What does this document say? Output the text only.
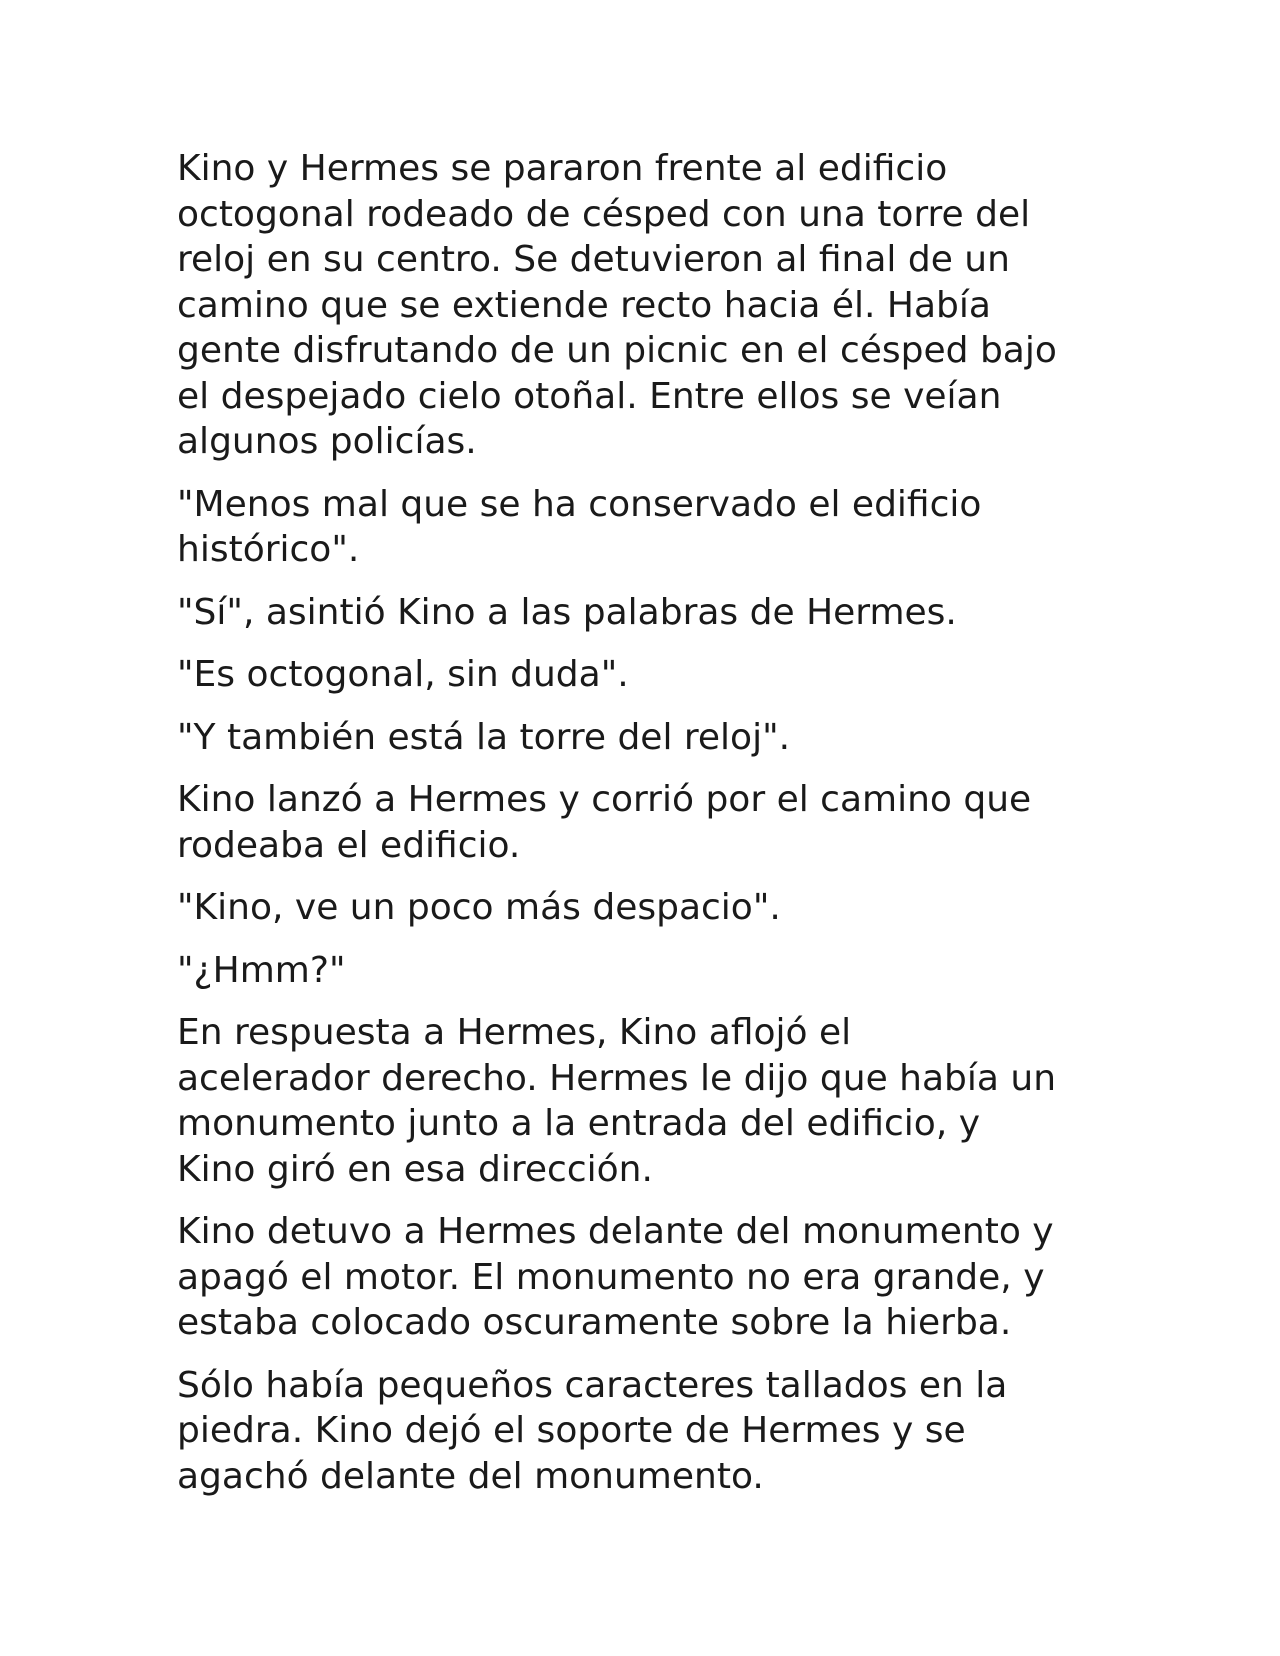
Kino y Hermes se pararon frente al edificio
octogonal rodeado de césped con una torre del
reloj en su centro. Se detuvieron al final de un
camino que se extiende recto hacia él. Había
gente disfrutando de un picnic en el césped bajo
el despejado cielo otoñal. Entre ellos se veían
algunos policías.

"Menos mal que se ha conservado el edificio
histórico".

"Sí", asintió Kino a las palabras de Hermes.

"Es octogonal, sin duda".

"Y también está la torre del reloj".

Kino lanzó a Hermes y corrió por el camino que
rodeaba el edificio.

"Kino, ve un poco más despacio".

"¿Hmm?"

En respuesta a Hermes, Kino aflojó el
acelerador derecho. Hermes le dijo que había un
monumento junto a la entrada del edificio, y
Kino giró en esa dirección.

Kino detuvo a Hermes delante del monumento y
apagó el motor. El monumento no era grande, y
estaba colocado oscuramente sobre la hierba.

Sólo había pequeños caracteres tallados en la
piedra. Kino dejó el soporte de Hermes y se
agachó delante del monumento.
